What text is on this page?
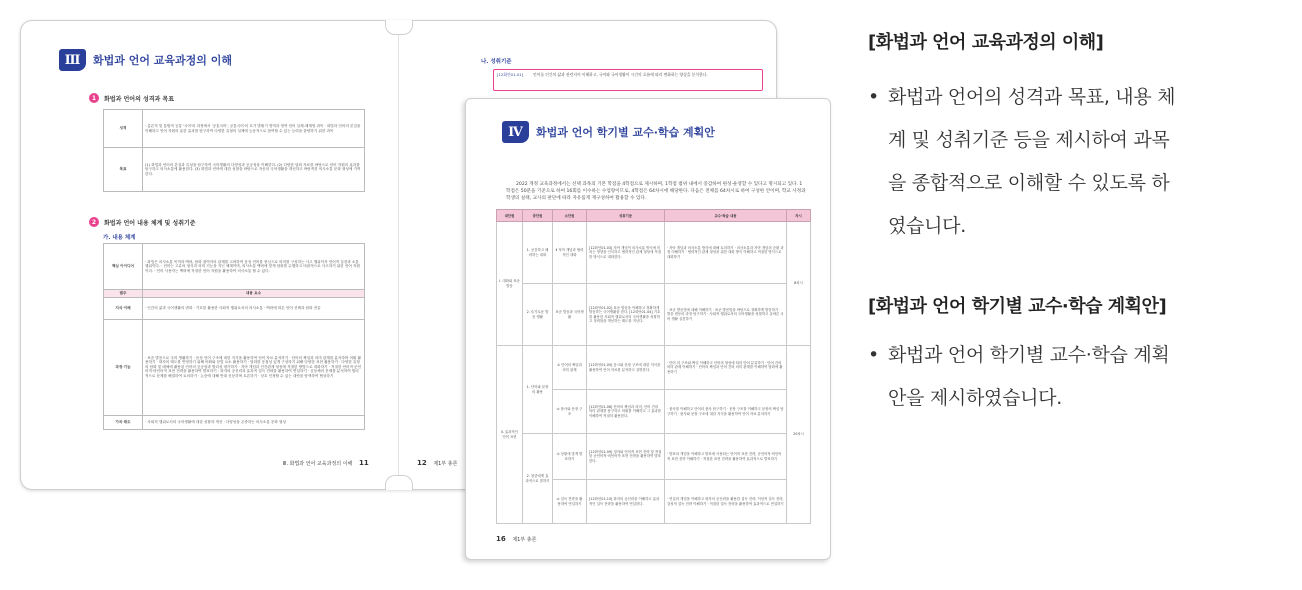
Ⅲ	화법과 언어 교육과정의 이해
1	화법과 언어의 성격과 목표
성격	· 총론적 및 통합적 공통 '국어'의 과정에서 '공통국어', 공통국어'의 흐가 발휘기 영역과 영역 언어 실체-체계영 과목 · 화법과 언어의 본질을 이해하고 언어 자원의 효한 효과를 탐구하여 다양한 유형의 실제에 능동적으로 참여할 수 있는 능력을 함양하기 위한 과목
목표	(1) 화법과 언어의 본질과 특성을 탐구하여 국어생활의 다양성과 공공성을 이해한다. (2) 다양한 담화 자료를 바탕으로 언어 자원의 효과를 탐구하고 의사소통에 활용한다. (3) 화법과 언어에 대한 성찰을 바탕으로 자신의 국어생활을 개선하고 바람직한 의사소통 문화 형성에 기여한다.
2	화법과 언어 내용 체계 및 성취기준
가. 내용 체계
핵심 아이디어	· 화법은 의사소통 목적과 맥락, 담화 참여자의 관계를 고려하여 음성 언어를 중심으로 의미를 구성하는 사고 행위이자 언어적 실천과 소통 행위이다. · 언어는 고유의 형식과 의미 기능을 지닌 체계이며, 의사소통 맥락에 맞게 담화를 수행하고 비판적으로 사고하기 위한 언어 자원이다. · 언어 사용자는 맥락에 적절한 언어 자원을 활용하여 의사소통 할 수 있다.
범주	내용 요소
지식·이해	· 인간의 삶과 국어생활의 변화 · 기호를 활용한 사회적 행위로서의 의사소통 · 맥락에 따른 언어 선택과 담화 전술
과정·기능	· 표준 발음으로 국어 생활하기 · 음성 언어 구조에 대한 지식을 활용하여 언어 자료 분석하기 · 단어의 짜임과 의미 관계를 분석하며 어휘 활용하기 · 화자의 태도를 반영하기 위해 어휘와 문법 요소 활용하기 · 담화를 응집성 있게 구성하기 위해 다양한 표현 활용하기 · 다양한 유형의 담화 및 매체에 활용된 언어의 공공성과 합리성 평가하기 · 자아 개념과 인간관계 형성에 적절한 방법으로 대화하기 · 적절한 언어적·준언어적·비언어적 표현 전략을 활용하여 발표하기 · 화자의 공신력과 효과적 설득 전략을 활용하여 연설하기 · 공동체의 문제를 분석하여 합리적으로 문제를 해결하여 토의하기 · 논증에 대해 반대 신문하며 토론하기 · 상호 인정할 수 있는 대안을 탐색하여 협상하기
가치·태도	· 사회적 행위로서의 국어생활에 대한 성찰과 개선 · 다양성을 존중하는 의사소통 문화 형성
Ⅲ. 화법과 언어 교육과정의 이해 11
나. 성취기준
[12화언01-01]	언어를 인간의 삶과 관련지어 이해하고, 국어와 국어생활이 시간의 흐름에 따라 변화하는 양상을 분석한다.
12 제1부 총론
Ⅳ	화법과 언어 학기별 교수·학습 계획안
2022 개정 교육과정에서는 선택 과목의 기본 학점을 4학점으로 제시하며, 1학점 범위 내에서 증감하여 편성·운영할 수 있다고 명시되고 있다. 1학점은 50분을 기준으로 하여 16회를 이수하는 수업량이므로, 4학점은 64차시에 해당한다. 다음은 전체를 64차시로 하여 구성한 안이며, 학교 사정과 학생의 실태, 교사의 판단에 따라 자유롭게 재구성하여 활용할 수 있다.
대단원	중단원	소단원	성취기준	교수·학습 내용	차시
Ⅰ. 대화와 표준 발음	1. 공감하고 배려하는 대화	Ⅱ 자아 개념과 협력적인 대화	[12화언01-03] 자아 개념이 의사소통 방식에 미치는 영향을 인식하고 협력적인 관계 형성에 적절한 방식으로 대화한다.	· 자아 개념과 의사소통 방식에 대해 토의하기 · 의사소통과 자아 개념의 순환 과정 이해하기 · 협력적인 관계 형성을 위한 대화 방식 이해하고 적절한 방식으로 대화하기	8차시
	2. 슬기로운 발음 생활	표준 발음과 국어생활	[12화언01-02] 표준 발음을 이해하고 정확하게 발음하는 국어생활을 한다. [12화언01-04] 기호를 활용한 사회적 행위로서의 국어생활을 성찰하고 정비함을 개선하는 태도를 지닌다.	· 표준 발음법에 대해 이해하기 · 표준 발음법을 바탕으로 정확하게 발음하기 · 발음 변동의 과정 탐구하기 · 사회적 행위로서의 국어생활을 성찰하고 올바른 국어 생활 실천하기	
Ⅱ. 효과적인 언어 표현	1. 단어와 문장의 활용	① 단어의 짜임과 의미 관계	[12화언01-05] 음시와 문장 구조에 대한 지식을 활용하여 언어 자료를 분석하고 설명한다.	· 단어 의 구조와 짜임 이해하고 단어의 형성에 따라 단어 분류하기 · 단어 간의 의미 관계 이해하기 · 단어의 짜임과 단어 간의 의미 관계를 이해하여 담화에 활용하기	20차시
		② 품사와 문장 구조	[12화언01-06] 단어의 짜임과 의미, 단어 간의 의미 관계를 탐구하고 어휘를 이해하고 그 효과를 이해하여 적절히 활용한다.	· 품사를 이해하고 단어의 품사 탐구하기 · 문장 구조를 이해하고 문장의 짜임 탐구하기 · 품사와 문장 구조에 대한 지식을 활용하여 언어 자료 분석하기	
	2. 청중에게 효과적으로 말하기	① 상황에 맞게 발표하기	[12화언01-09] 청자와 언어적 표현 전략 및 적절한 준언어적·비언어적 표현 전략을 활용하여 발표한다.	· 발표의 개념을 이해하고 발표에 사용되는 언어적 표현 전략, 준언어적·비언어적 표현 전략 이해하기 · 적절한 표현 전략을 활용하여 효과적으로 발표하기	
		② 설득 전략을 활용하여 연설하기	[12화언01-10] 화자의 공신력을 이해하고 효과적인 설득 전략을 활용하여 연설한다.	· 연설의 개념을 이해하고 화자의 공신력을 활용한 설득 전략, 이성적 설득 전략, 감성적 설득 전략 이해하기 · 적절한 설득 전략을 활용하여 효과적으로 연설하기	
16 제1부 총론
[화법과 언어 교육과정의 이해]
• 화법과 언어의 성격과 목표, 내용 체
계 및 성취기준 등을 제시하여 과목
을 종합적으로 이해할 수 있도록 하
였습니다.
[화법과 언어 학기별 교수·학습 계획안]
• 화법과 언어 학기별 교수·학습 계획
안을 제시하였습니다.
